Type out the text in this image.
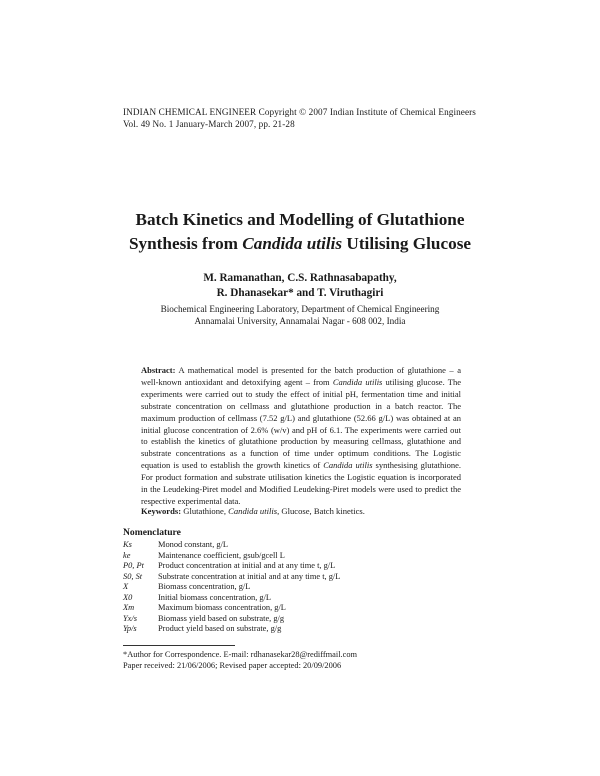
INDIAN CHEMICAL ENGINEER Copyright © 2007 Indian Institute of Chemical Engineers
Vol. 49 No. 1 January-March 2007, pp. 21-28
Batch Kinetics and Modelling of Glutathione
Synthesis from Candida utilis Utilising Glucose
M. Ramanathan, C.S. Rathnasabapathy,
R. Dhanasekar* and T. Viruthagiri
Biochemical Engineering Laboratory, Department of Chemical Engineering
Annamalai University, Annamalai Nagar - 608 002, India
Abstract: A mathematical model is presented for the batch production of glutathione – a well-known antioxidant and detoxifying agent – from Candida utilis utilising glucose. The experiments were carried out to study the effect of initial pH, fermentation time and initial substrate concentration on cellmass and glutathione production in a batch reactor. The maximum production of cellmass (7.52 g/L) and glutathione (52.66 g/L) was obtained at an initial glucose concentration of 2.6% (w/v) and pH of 6.1. The experiments were carried out to establish the kinetics of glutathione production by measuring cellmass, glutathione and substrate concentrations as a function of time under optimum conditions. The Logistic equation is used to establish the growth kinetics of Candida utilis synthesising glutathione. For product formation and substrate utilisation kinetics the Logistic equation is incorporated in the Leudeking-Piret model and Modified Leudeking-Piret models were used to predict the respective experimental data.
Keywords: Glutathione, Candida utilis, Glucose, Batch kinetics.
Nomenclature
Ks	Monod constant, g/L
ke	Maintenance coefficient, gsub/gcell L
P0, Pt	Product concentration at initial and at any time t, g/L
S0, St	Substrate concentration at initial and at any time t, g/L
X	Biomass concentration, g/L
X0	Initial biomass concentration, g/L
Xm	Maximum biomass concentration, g/L
Yx/s	Biomass yield based on substrate, g/g
Yp/s	Product yield based on substrate, g/g
*Author for Correspondence. E-mail: rdhanasekar28@rediffmail.com
Paper received: 21/06/2006; Revised paper accepted: 20/09/2006
